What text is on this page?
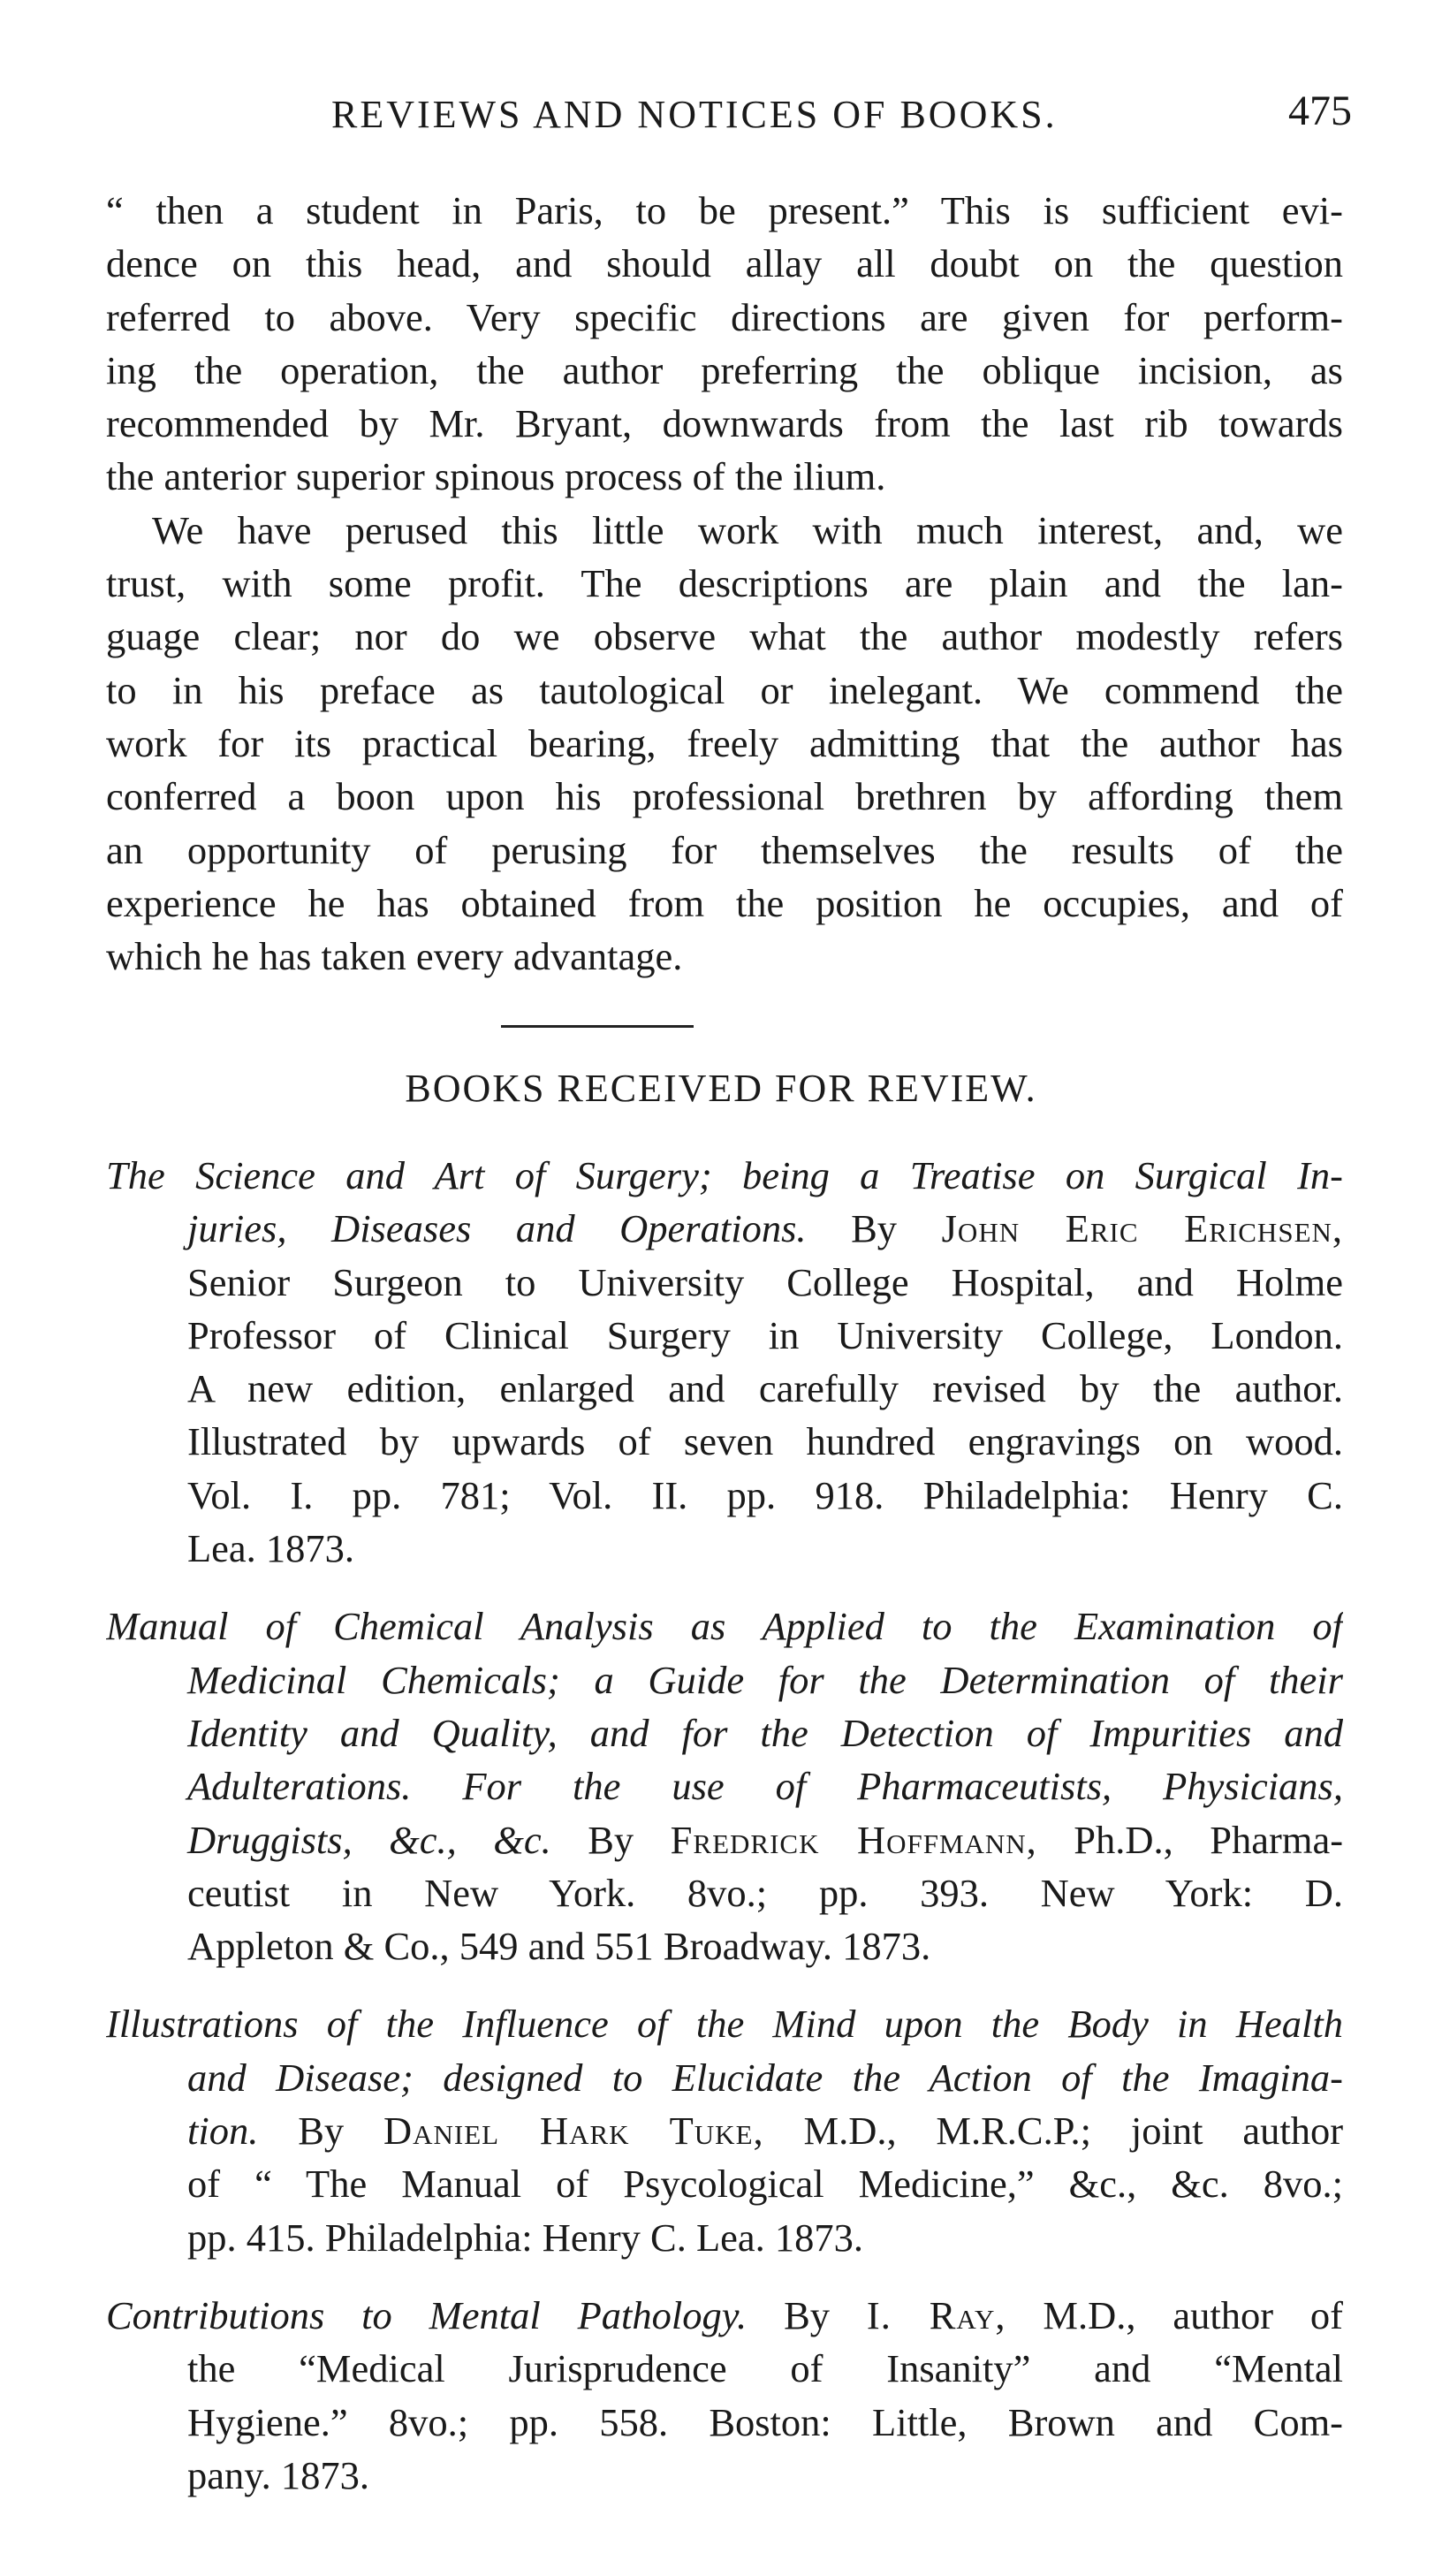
REVIEWS AND NOTICES OF BOOKS.	475
“ then a student in Paris, to be present.” This is sufficient evi-
dence on this head, and should allay all doubt on the question
referred to above. Very specific directions are given for perform-
ing the operation, the author preferring the oblique incision, as
recommended by Mr. Bryant, downwards from the last rib towards
the anterior superior spinous process of the ilium.
We have perused this little work with much interest, and, we
trust, with some profit. The descriptions are plain and the lan-
guage clear; nor do we observe what the author modestly refers
to in his preface as tautological or inelegant. We commend the
work for its practical bearing, freely admitting that the author has
conferred a boon upon his professional brethren by affording them
an opportunity of perusing for themselves the results of the
experience he has obtained from the position he occupies, and of
which he has taken every advantage.
BOOKS RECEIVED FOR REVIEW.
The Science and Art of Surgery; being a Treatise on Surgical In-
juries, Diseases and Operations. By John Eric Erichsen,
Senior Surgeon to University College Hospital, and Holme
Professor of Clinical Surgery in University College, London.
A new edition, enlarged and carefully revised by the author.
Illustrated by upwards of seven hundred engravings on wood.
Vol. I. pp. 781; Vol. II. pp. 918. Philadelphia: Henry C.
Lea. 1873.
Manual of Chemical Analysis as Applied to the Examination of
Medicinal Chemicals; a Guide for the Determination of their
Identity and Quality, and for the Detection of Impurities and
Adulterations. For the use of Pharmaceutists, Physicians,
Druggists, &c., &c. By Fredrick Hoffmann, Ph.D., Pharma-
ceutist in New York. 8vo.; pp. 393. New York: D.
Appleton & Co., 549 and 551 Broadway. 1873.
Illustrations of the Influence of the Mind upon the Body in Health
and Disease; designed to Elucidate the Action of the Imagina-
tion. By Daniel Hark Tuke, M.D., M.R.C.P.; joint author
of “ The Manual of Psycological Medicine,” &c., &c. 8vo.;
pp. 415. Philadelphia: Henry C. Lea. 1873.
Contributions to Mental Pathology. By I. Ray, M.D., author of
the “Medical Jurisprudence of Insanity” and “Mental
Hygiene.” 8vo.; pp. 558. Boston: Little, Brown and Com-
pany. 1873.
